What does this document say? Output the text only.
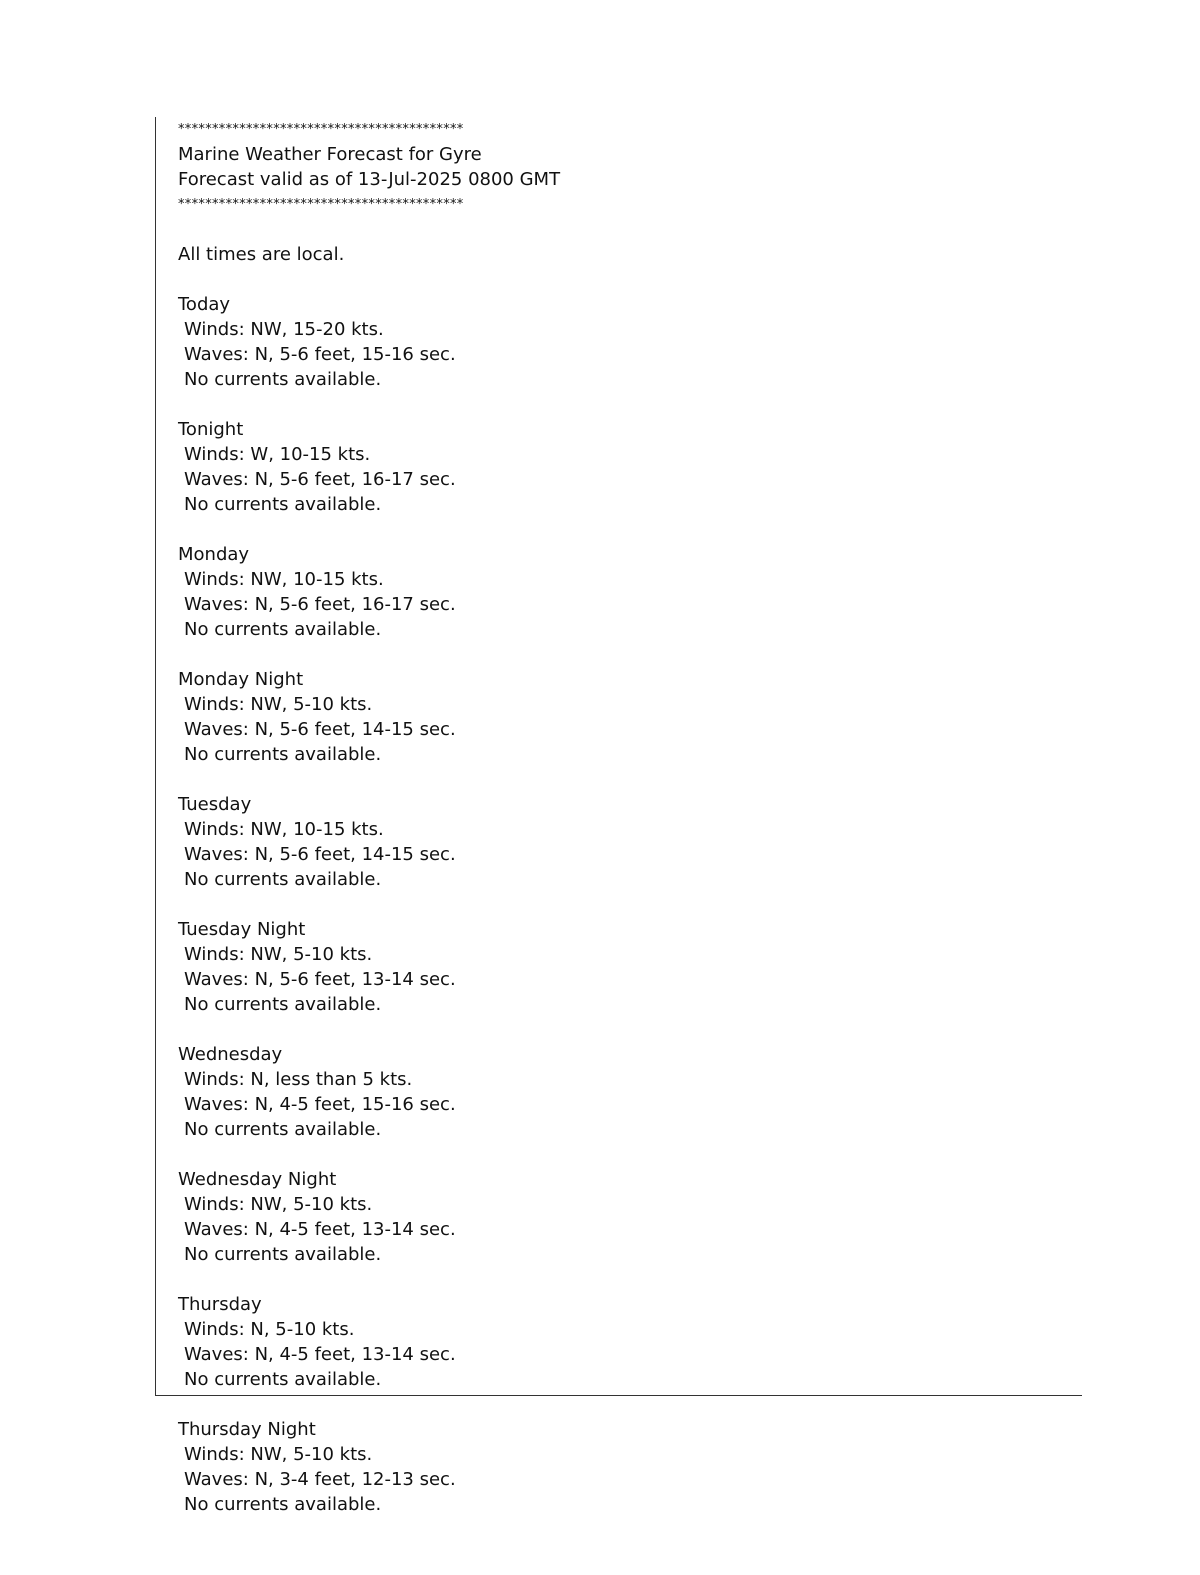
******************************************
Marine Weather Forecast for Gyre
Forecast valid as of 13-Jul-2025 0800 GMT
******************************************
All times are local.
Today
Winds: NW, 15-20 kts.
Waves: N, 5-6 feet, 15-16 sec.
No currents available.
Tonight
Winds: W, 10-15 kts.
Waves: N, 5-6 feet, 16-17 sec.
No currents available.
Monday
Winds: NW, 10-15 kts.
Waves: N, 5-6 feet, 16-17 sec.
No currents available.
Monday Night
Winds: NW, 5-10 kts.
Waves: N, 5-6 feet, 14-15 sec.
No currents available.
Tuesday
Winds: NW, 10-15 kts.
Waves: N, 5-6 feet, 14-15 sec.
No currents available.
Tuesday Night
Winds: NW, 5-10 kts.
Waves: N, 5-6 feet, 13-14 sec.
No currents available.
Wednesday
Winds: N, less than 5 kts.
Waves: N, 4-5 feet, 15-16 sec.
No currents available.
Wednesday Night
Winds: NW, 5-10 kts.
Waves: N, 4-5 feet, 13-14 sec.
No currents available.
Thursday
Winds: N, 5-10 kts.
Waves: N, 4-5 feet, 13-14 sec.
No currents available.
Thursday Night
Winds: NW, 5-10 kts.
Waves: N, 3-4 feet, 12-13 sec.
No currents available.
